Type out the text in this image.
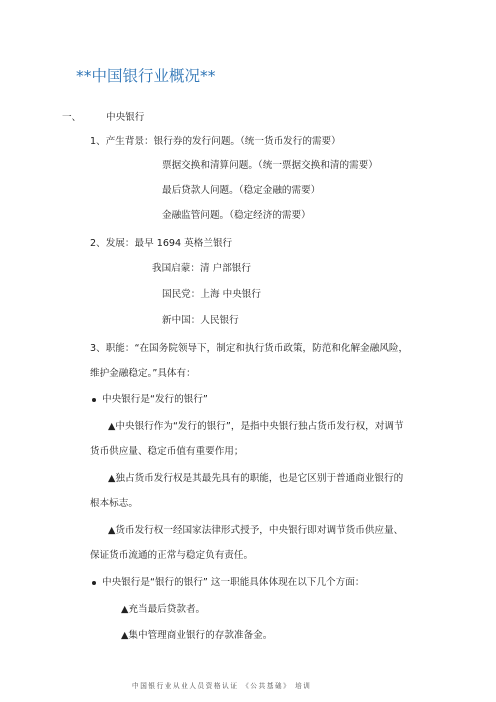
**中国银行业概况**
一、	中央银行
1、产生背景：银行券的发行问题。（统一货币发行的需要）
票据交换和清算问题。（统一票据交换和清的需要）
最后贷款人问题。（稳定金融的需要）
金融监管问题。（稳定经济的需要）
2、发展：最早 1694 英格兰银行
我国启蒙：清 户部银行
国民党：上海 中央银行
新中国：人民银行
3、职能：“在国务院领导下，制定和执行货币政策，防范和化解金融风险，
维护金融稳定。”具体有：
中央银行是“发行的银行”
▲中央银行作为“发行的银行”，是指中央银行独占货币发行权，对调节
货币供应量、稳定币值有重要作用；
▲独占货币发行权是其最先具有的职能，也是它区别于普通商业银行的
根本标志。
▲货币发行权一经国家法律形式授予，中央银行即对调节货币供应量、
保证货币流通的正常与稳定负有责任。
中央银行是“银行的银行” 这一职能具体体现在以下几个方面：
▲充当最后贷款者。
▲集中管理商业银行的存款准备金。
中国银行业从业人员资格认证 《公共基础》 培训
